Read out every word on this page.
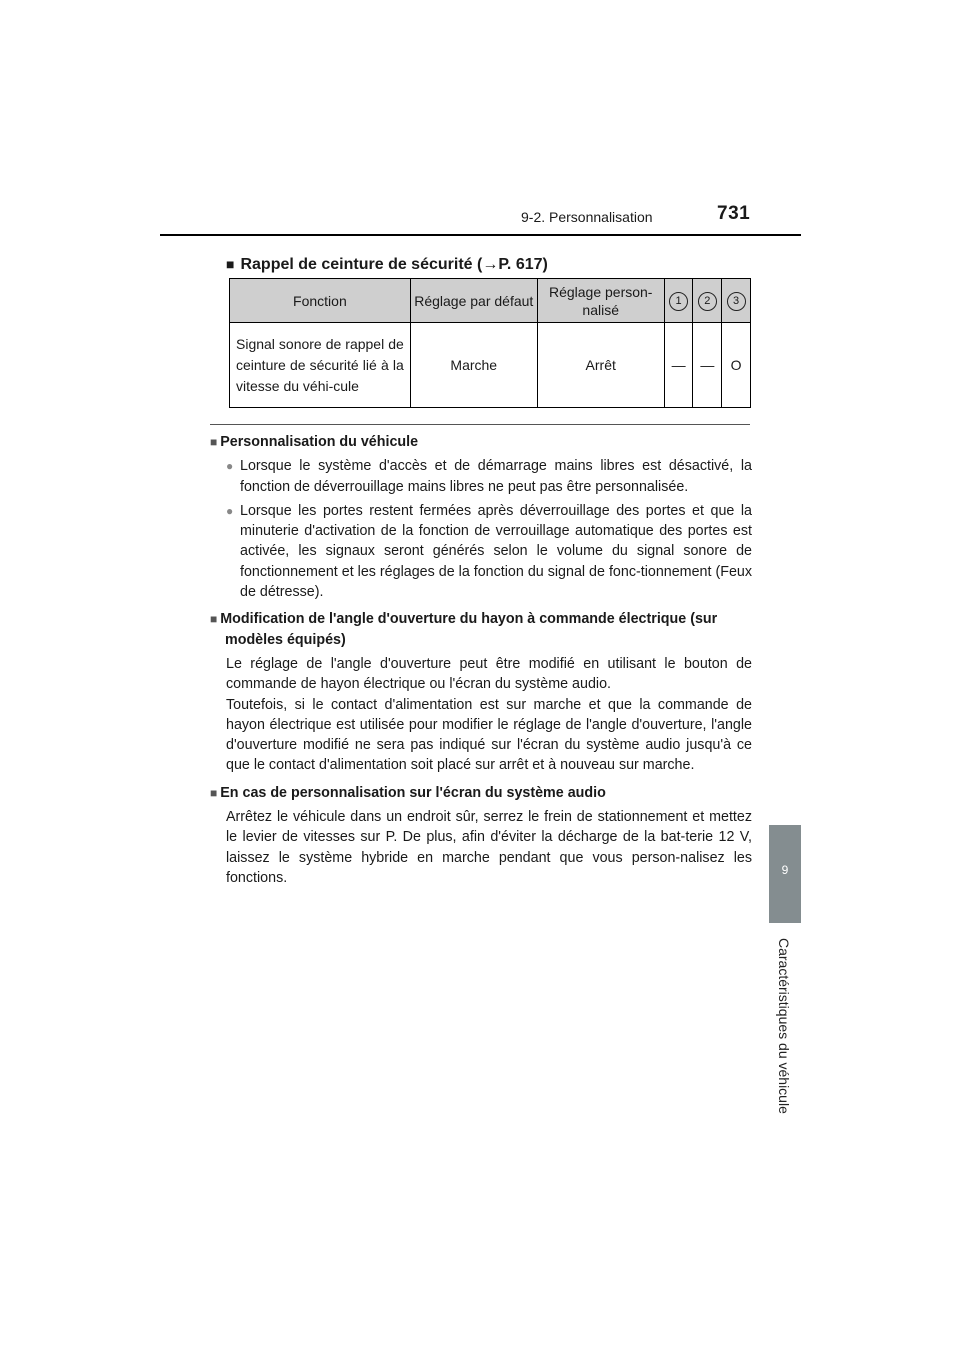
9-2. Personnalisation	731
9
Caractéristiques du véhicule
■ Rappel de ceinture de sécurité (→P. 617)
Fonction	Réglage par défaut	Réglage person-nalisé	1	2	3
Signal sonore de rappel de ceinture de sécurité lié à la vitesse du véhi-cule	Marche	Arrêt	—	—	O
■ Personnalisation du véhicule
● Lorsque le système d'accès et de démarrage mains libres est désactivé, la fonction de déverrouillage mains libres ne peut pas être personnalisée.
● Lorsque les portes restent fermées après déverrouillage des portes et que la minuterie d'activation de la fonction de verrouillage automatique des portes est activée, les signaux seront générés selon le volume du signal sonore de fonctionnement et les réglages de la fonction du signal de fonc-tionnement (Feux de détresse).
■ Modification de l'angle d'ouverture du hayon à commande électrique (sur modèles équipés)
Le réglage de l'angle d'ouverture peut être modifié en utilisant le bouton de commande de hayon électrique ou l'écran du système audio.
Toutefois, si le contact d'alimentation est sur marche et que la commande de hayon électrique est utilisée pour modifier le réglage de l'angle d'ouverture, l'angle d'ouverture modifié ne sera pas indiqué sur l'écran du système audio jusqu'à ce que le contact d'alimentation soit placé sur arrêt et à nouveau sur marche.
■ En cas de personnalisation sur l'écran du système audio
Arrêtez le véhicule dans un endroit sûr, serrez le frein de stationnement et mettez le levier de vitesses sur P. De plus, afin d'éviter la décharge de la bat-terie 12 V, laissez le système hybride en marche pendant que vous person-nalisez les fonctions.
